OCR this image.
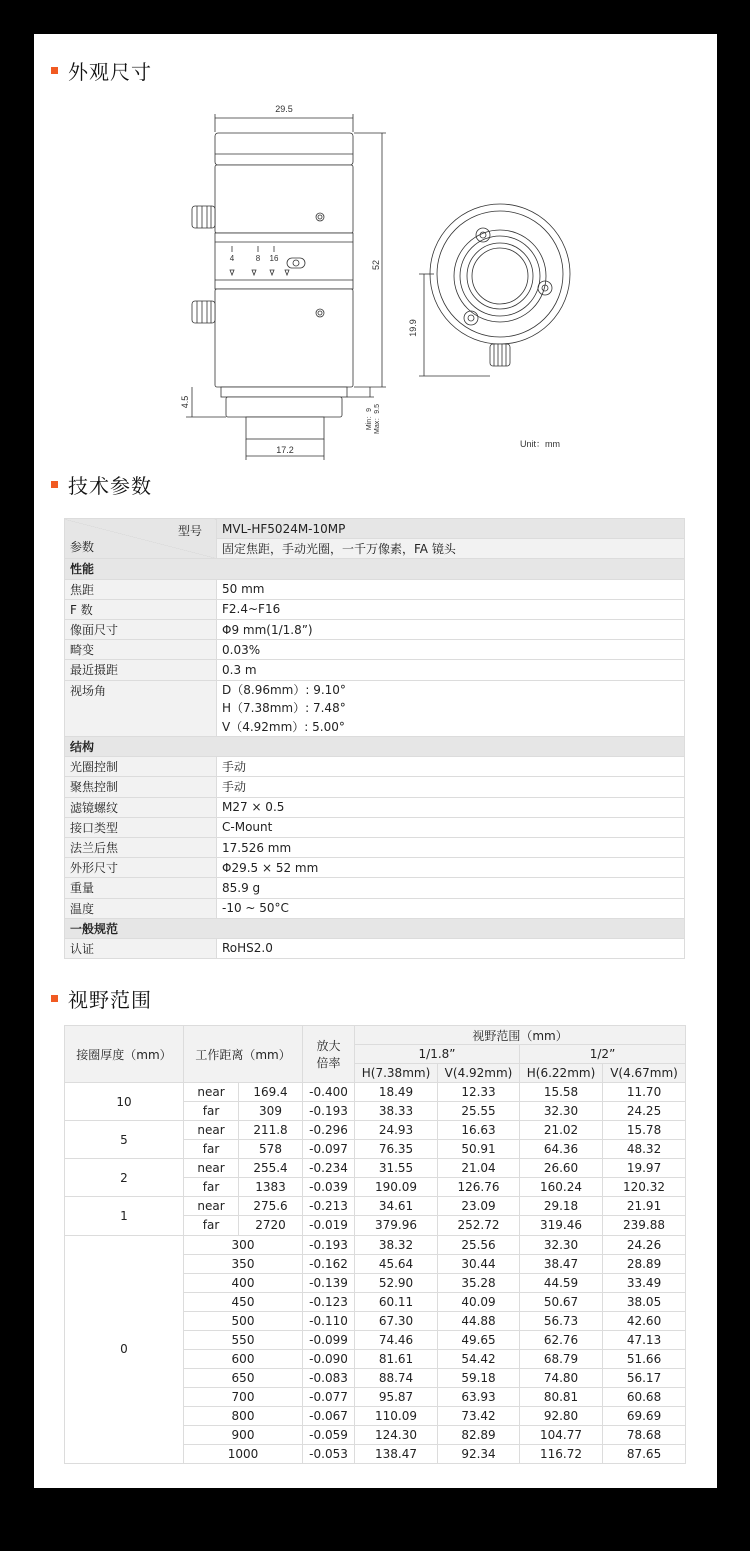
外观尺寸
29.5
52
19.9
4.5
Min：9 Max：9.5
17.2
Unit：mm
4	8 16
技术参数
型号
参数	MVL-HF5024M-10MP
	固定焦距，手动光圈，一千万像素，FA 镜头
性能	
焦距	50 mm
F 数	F2.4~F16
像面尺寸	Φ9 mm(1/1.8”)
畸变	0.03%
最近摄距	0.3 m
视场角	D（8.96mm）: 9.10°
H（7.38mm）: 7.48°
V（4.92mm）: 5.00°

结构	
光圈控制	手动
聚焦控制	手动
滤镜螺纹	M27 × 0.5
接口类型	C-Mount
法兰后焦	17.526 mm
外形尺寸	Φ29.5 × 52 mm
重量	85.9 g
温度	-10 ~ 50°C
一般规范	
认证	RoHS2.0
视野范围
接圈厚度（mm）	工作距离（mm）		放大
倍率	视野范围（mm）			
				1/1.8”		1/2”	
				H(7.38mm)	V(4.92mm)	H(6.22mm)	V(4.67mm)
10	near	169.4	-0.400	18.49	12.33	15.58	11.70
	far	309	-0.193	38.33	25.55	32.30	24.25
5	near	211.8	-0.296	24.93	16.63	21.02	15.78
	far	578	-0.097	76.35	50.91	64.36	48.32
2	near	255.4	-0.234	31.55	21.04	26.60	19.97
	far	1383	-0.039	190.09	126.76	160.24	120.32
1	near	275.6	-0.213	34.61	23.09	29.18	21.91
	far	2720	-0.019	379.96	252.72	319.46	239.88
0	300		-0.193	38.32	25.56	32.30	24.26
	350		-0.162	45.64	30.44	38.47	28.89
	400		-0.139	52.90	35.28	44.59	33.49
	450		-0.123	60.11	40.09	50.67	38.05
	500		-0.110	67.30	44.88	56.73	42.60
	550		-0.099	74.46	49.65	62.76	47.13
	600		-0.090	81.61	54.42	68.79	51.66
	650		-0.083	88.74	59.18	74.80	56.17
	700		-0.077	95.87	63.93	80.81	60.68
	800		-0.067	110.09	73.42	92.80	69.69
	900		-0.059	124.30	82.89	104.77	78.68
	1000		-0.053	138.47	92.34	116.72	87.65
